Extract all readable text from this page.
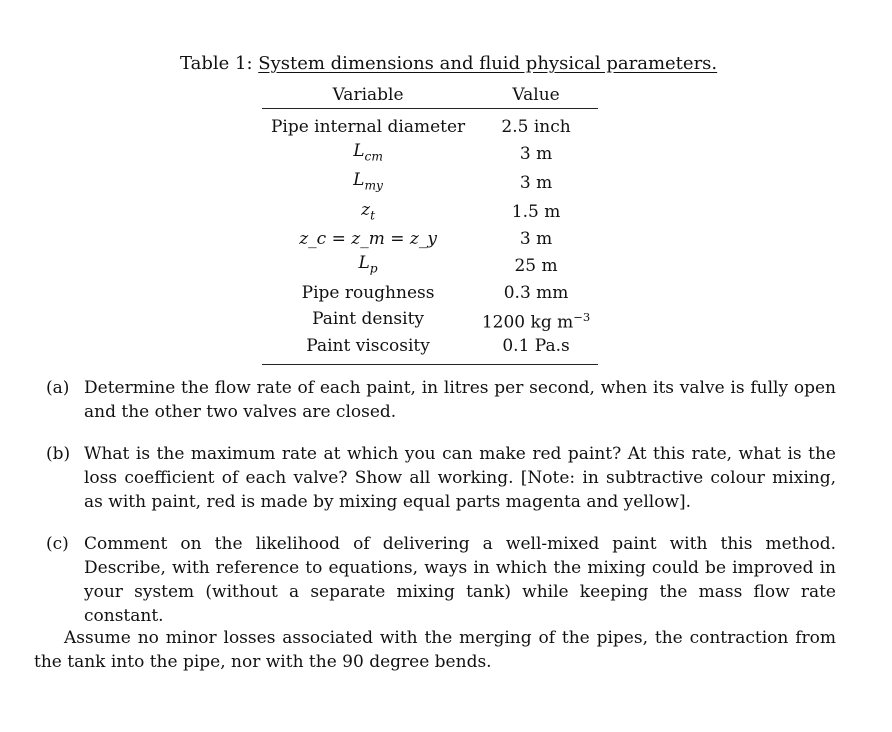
Table 1: System dimensions and fluid physical parameters.
Variable	Value
Pipe internal diameter	2.5 inch
$L_{cm}$	3 m
$L_{my}$	3 m
$z_t$	1.5 m
z_c = z_m = z_y	3 m
$L_p$	25 m
Pipe roughness	0.3 mm
Paint density	1200 kg $m^{-3}$
Paint viscosity	0.1 Pa.s
(a) Determine the flow rate of each paint, in litres per second, when its valve is fully open and the other two valves are closed.
(b) What is the maximum rate at which you can make red paint? At this rate, what is the loss coefficient of each valve? Show all working. [Note: in subtractive colour mixing, as with paint, red is made by mixing equal parts magenta and yellow].
(c) Comment on the likelihood of delivering a well-mixed paint with this method. Describe, with reference to equations, ways in which the mixing could be improved in your system (without a separate mixing tank) while keeping the mass flow rate constant.
Assume no minor losses associated with the merging of the pipes, the contraction from the tank into the pipe, nor with the 90 degree bends.
